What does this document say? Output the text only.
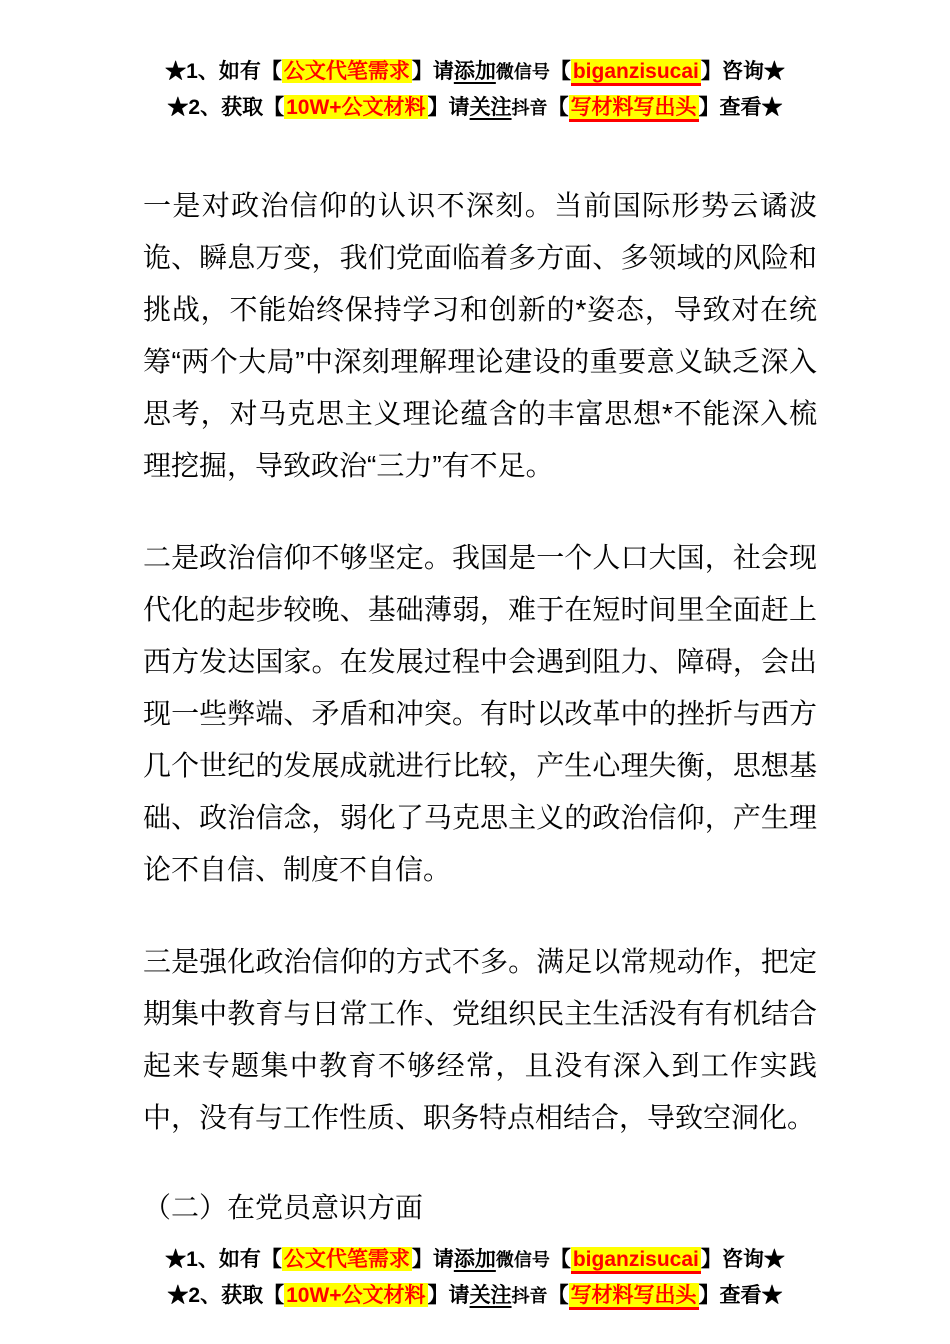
★1、如有【公文代笔需求】请添加微信号【biganzisucai】咨询★
★2、获取【10W+公文材料】请关注抖音【写材料写出头】查看★

一是对政治信仰的认识不深刻。当前国际形势云谲波诡、瞬息万变，我们党面临着多方面、多领域的风险和挑战，不能始终保持学习和创新的*姿态，导致对在统筹“两个大局”中深刻理解理论建设的重要意义缺乏深入思考，对马克思主义理论蕴含的丰富思想*不能深入梳理挖掘，导致政治“三力”有不足。

二是政治信仰不够坚定。我国是一个人口大国，社会现代化的起步较晚、基础薄弱，难于在短时间里全面赶上西方发达国家。在发展过程中会遇到阻力、障碍，会出现一些弊端、矛盾和冲突。有时以改革中的挫折与西方几个世纪的发展成就进行比较，产生心理失衡，思想基础、政治信念，弱化了马克思主义的政治信仰，产生理论不自信、制度不自信。

三是强化政治信仰的方式不多。满足以常规动作，把定期集中教育与日常工作、党组织民主生活没有有机结合起来专题集中教育不够经常，且没有深入到工作实践中，没有与工作性质、职务特点相结合，导致空洞化。

（二）在党员意识方面
★1、如有【公文代笔需求】请添加微信号【biganzisucai】咨询★
★2、获取【10W+公文材料】请关注抖音【写材料写出头】查看★
